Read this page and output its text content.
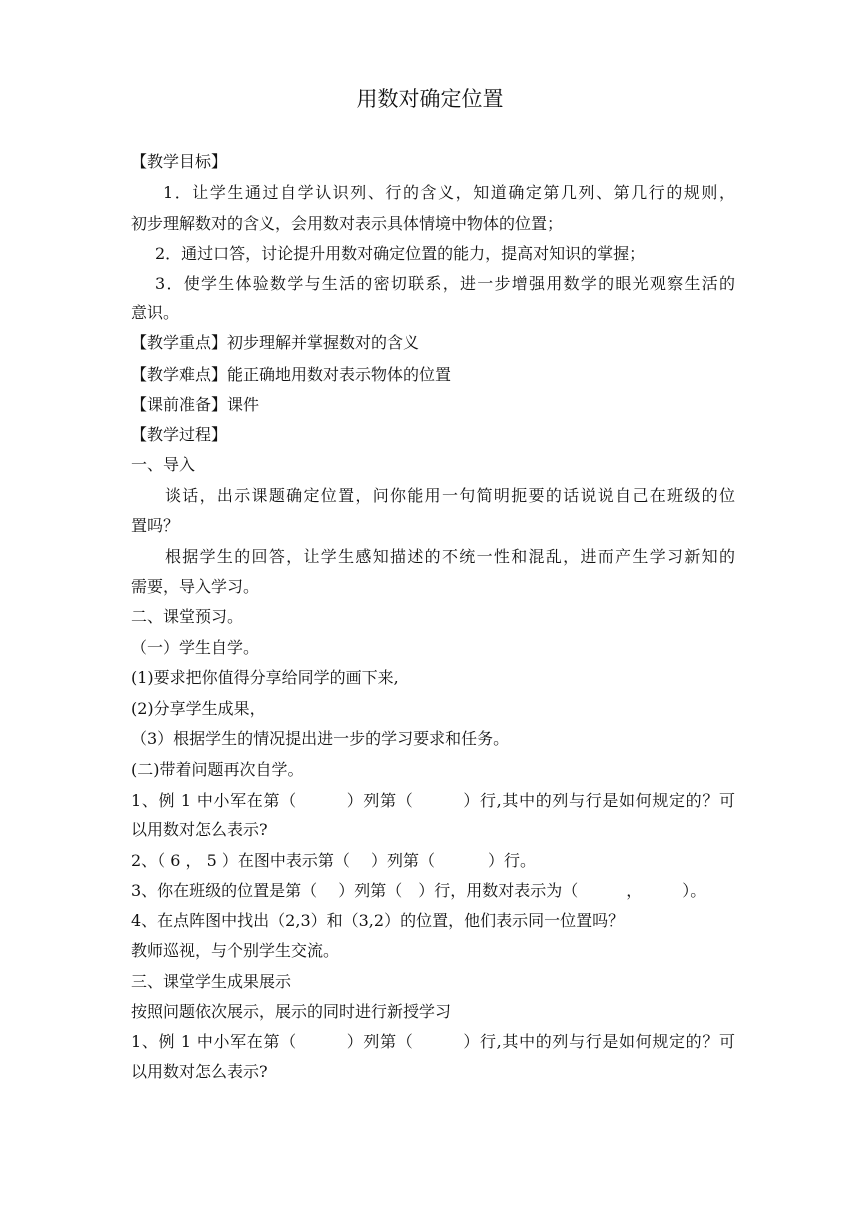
用数对确定位置
【教学目标】
1．让学生通过自学认识列、行的含义，知道确定第几列、第几行的规则，
初步理解数对的含义，会用数对表示具体情境中物体的位置；
2．通过口答，讨论提升用数对确定位置的能力，提高对知识的掌握；
3．使学生体验数学与生活的密切联系，进一步增强用数学的眼光观察生活的
意识。
【教学重点】初步理解并掌握数对的含义
【教学难点】能正确地用数对表示物体的位置
【课前准备】课件
【教学过程】
一、导入
谈话，出示课题确定位置，问你能用一句简明扼要的话说说自己在班级的位
置吗？
根据学生的回答，让学生感知描述的不统一性和混乱，进而产生学习新知的
需要，导入学习。
二、课堂预习。
（一）学生自学。
(1)要求把你值得分享给同学的画下来,
(2)分享学生成果，
（3）根据学生的情况提出进一步的学习要求和任务。
(二)带着问题再次自学。
1、例 1 中小军在第（　　　）列第（　　　）行,其中的列与行是如何规定的？可
以用数对怎么表示?
2、（ 6 ， 5 ）在图中表示第（　 ）列第（　　　 ）行。
3、你在班级的位置是第（　 ）列第（　）行，用数对表示为（　　　，　　　）。
4、在点阵图中找出（2,3）和（3,2）的位置，他们表示同一位置吗？
教师巡视，与个别学生交流。
三、课堂学生成果展示
按照问题依次展示，展示的同时进行新授学习
1、例 1 中小军在第（　　　）列第（　　　）行,其中的列与行是如何规定的？可
以用数对怎么表示?
